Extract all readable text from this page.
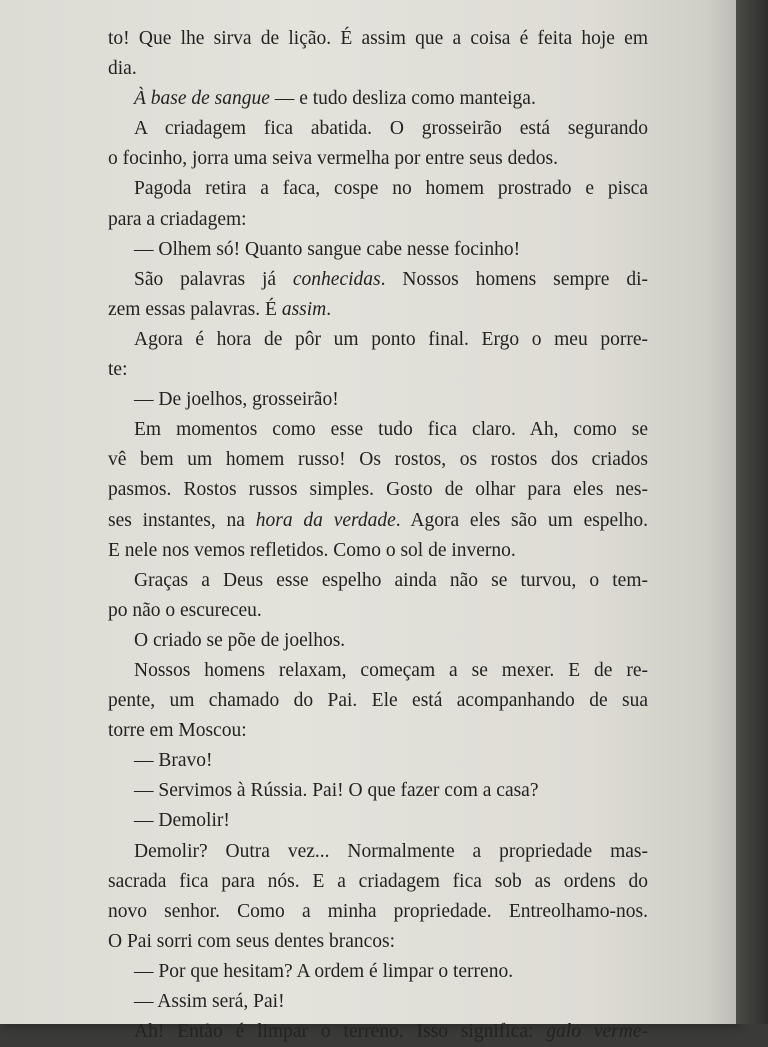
to! Que lhe sirva de lição. É assim que a coisa é feita hoje em
dia.
À base de sangue — e tudo desliza como manteiga.
A criadagem fica abatida. O grosseirão está segurando
o focinho, jorra uma seiva vermelha por entre seus dedos.
Pagoda retira a faca, cospe no homem prostrado e pisca
para a criadagem:
— Olhem só! Quanto sangue cabe nesse focinho!
São palavras já conhecidas. Nossos homens sempre di-
zem essas palavras. É assim.
Agora é hora de pôr um ponto final. Ergo o meu porre-
te:
— De joelhos, grosseirão!
Em momentos como esse tudo fica claro. Ah, como se
vê bem um homem russo! Os rostos, os rostos dos criados
pasmos. Rostos russos simples. Gosto de olhar para eles nes-
ses instantes, na hora da verdade. Agora eles são um espelho.
E nele nos vemos refletidos. Como o sol de inverno.
Graças a Deus esse espelho ainda não se turvou, o tem-
po não o escureceu.
O criado se põe de joelhos.
Nossos homens relaxam, começam a se mexer. E de re-
pente, um chamado do Pai. Ele está acompanhando de sua
torre em Moscou:
— Bravo!
— Servimos à Rússia. Pai! O que fazer com a casa?
— Demolir!
Demolir? Outra vez... Normalmente a propriedade mas-
sacrada fica para nós. E a criadagem fica sob as ordens do
novo senhor. Como a minha propriedade. Entreolhamo-nos.
O Pai sorri com seus dentes brancos:
— Por que hesitam? A ordem é limpar o terreno.
— Assim será, Pai!
Ah! Então é limpar o terreno. Isso significa: galo verme-
